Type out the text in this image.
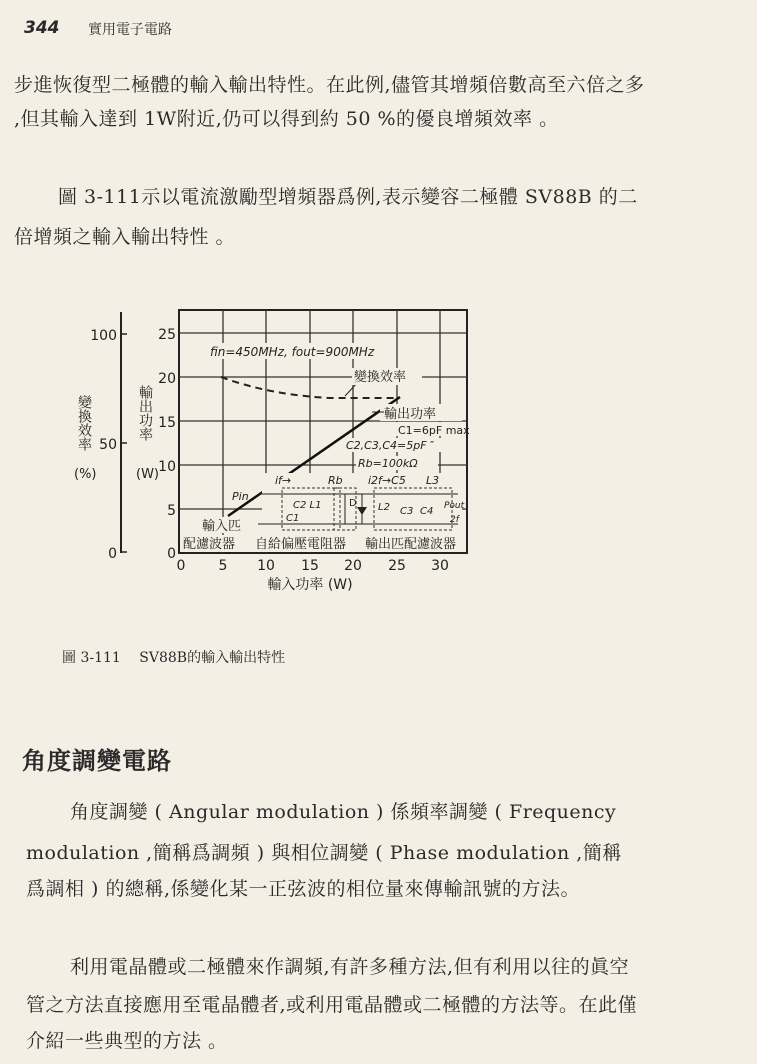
344 實用電子電路
步進恢復型二極體的輸入輸出特性。在此例,儘管其增頻倍數高至六倍之多
,但其輸入達到 1W附近,仍可以得到約 50 %的優良增頻效率 。
圖 3-111示以電流激勵型增頻器爲例,表示變容二極體 SV88B 的二
倍增頻之輸入輸出特性 。
100
50
0
變換效率
(%)
輸出功率
(W)
25
20
15
10
5
0
0 5 10 15 20 25 30
輸入功率 (W)
fin=450MHz, fout=900MHz
變換效率
輸出功率
C1=6pF max
C2,C3,C4=5pF ″
Rb=100kΩ
if→	Rb i2f→C5 L3
Pin
C2 L1
C1
D L2 C3 C4 Pout
2f
輸入匹
配濾波器 自給偏壓電阻器 輸出匹配濾波器
圖 3-111 SV88B的輸入輸出特性
角度調變電路
角度調變 ( Angular modulation ) 係頻率調變 ( Frequency
modulation ,簡稱爲調頻 ) 與相位調變 ( Phase modulation ,簡稱
爲調相 ) 的總稱,係變化某一正弦波的相位量來傳輸訊號的方法。
利用電晶體或二極體來作調頻,有許多種方法,但有利用以往的眞空
管之方法直接應用至電晶體者,或利用電晶體或二極體的方法等。在此僅
介紹一些典型的方法 。
